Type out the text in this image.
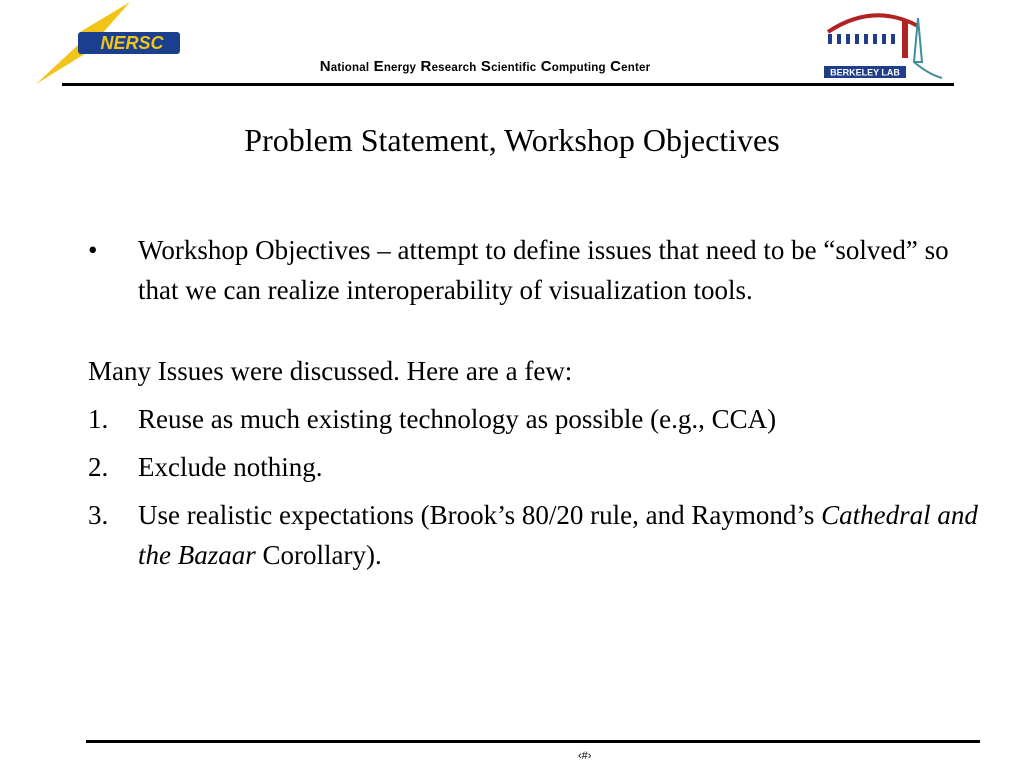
NERSC
National Energy Research Scientific Computing Center	BERKELEY LAB
Problem Statement, Workshop Objectives
•	Workshop Objectives – attempt to define issues that need to be “solved” so that we can realize interoperability of visualization tools.
Many Issues were discussed. Here are a few:
1.	Reuse as much existing technology as possible (e.g., CCA)
2.	Exclude nothing.
3.	Use realistic expectations (Brook’s 80/20 rule, and Raymond’s Cathedral and the Bazaar Corollary).
‹#›
